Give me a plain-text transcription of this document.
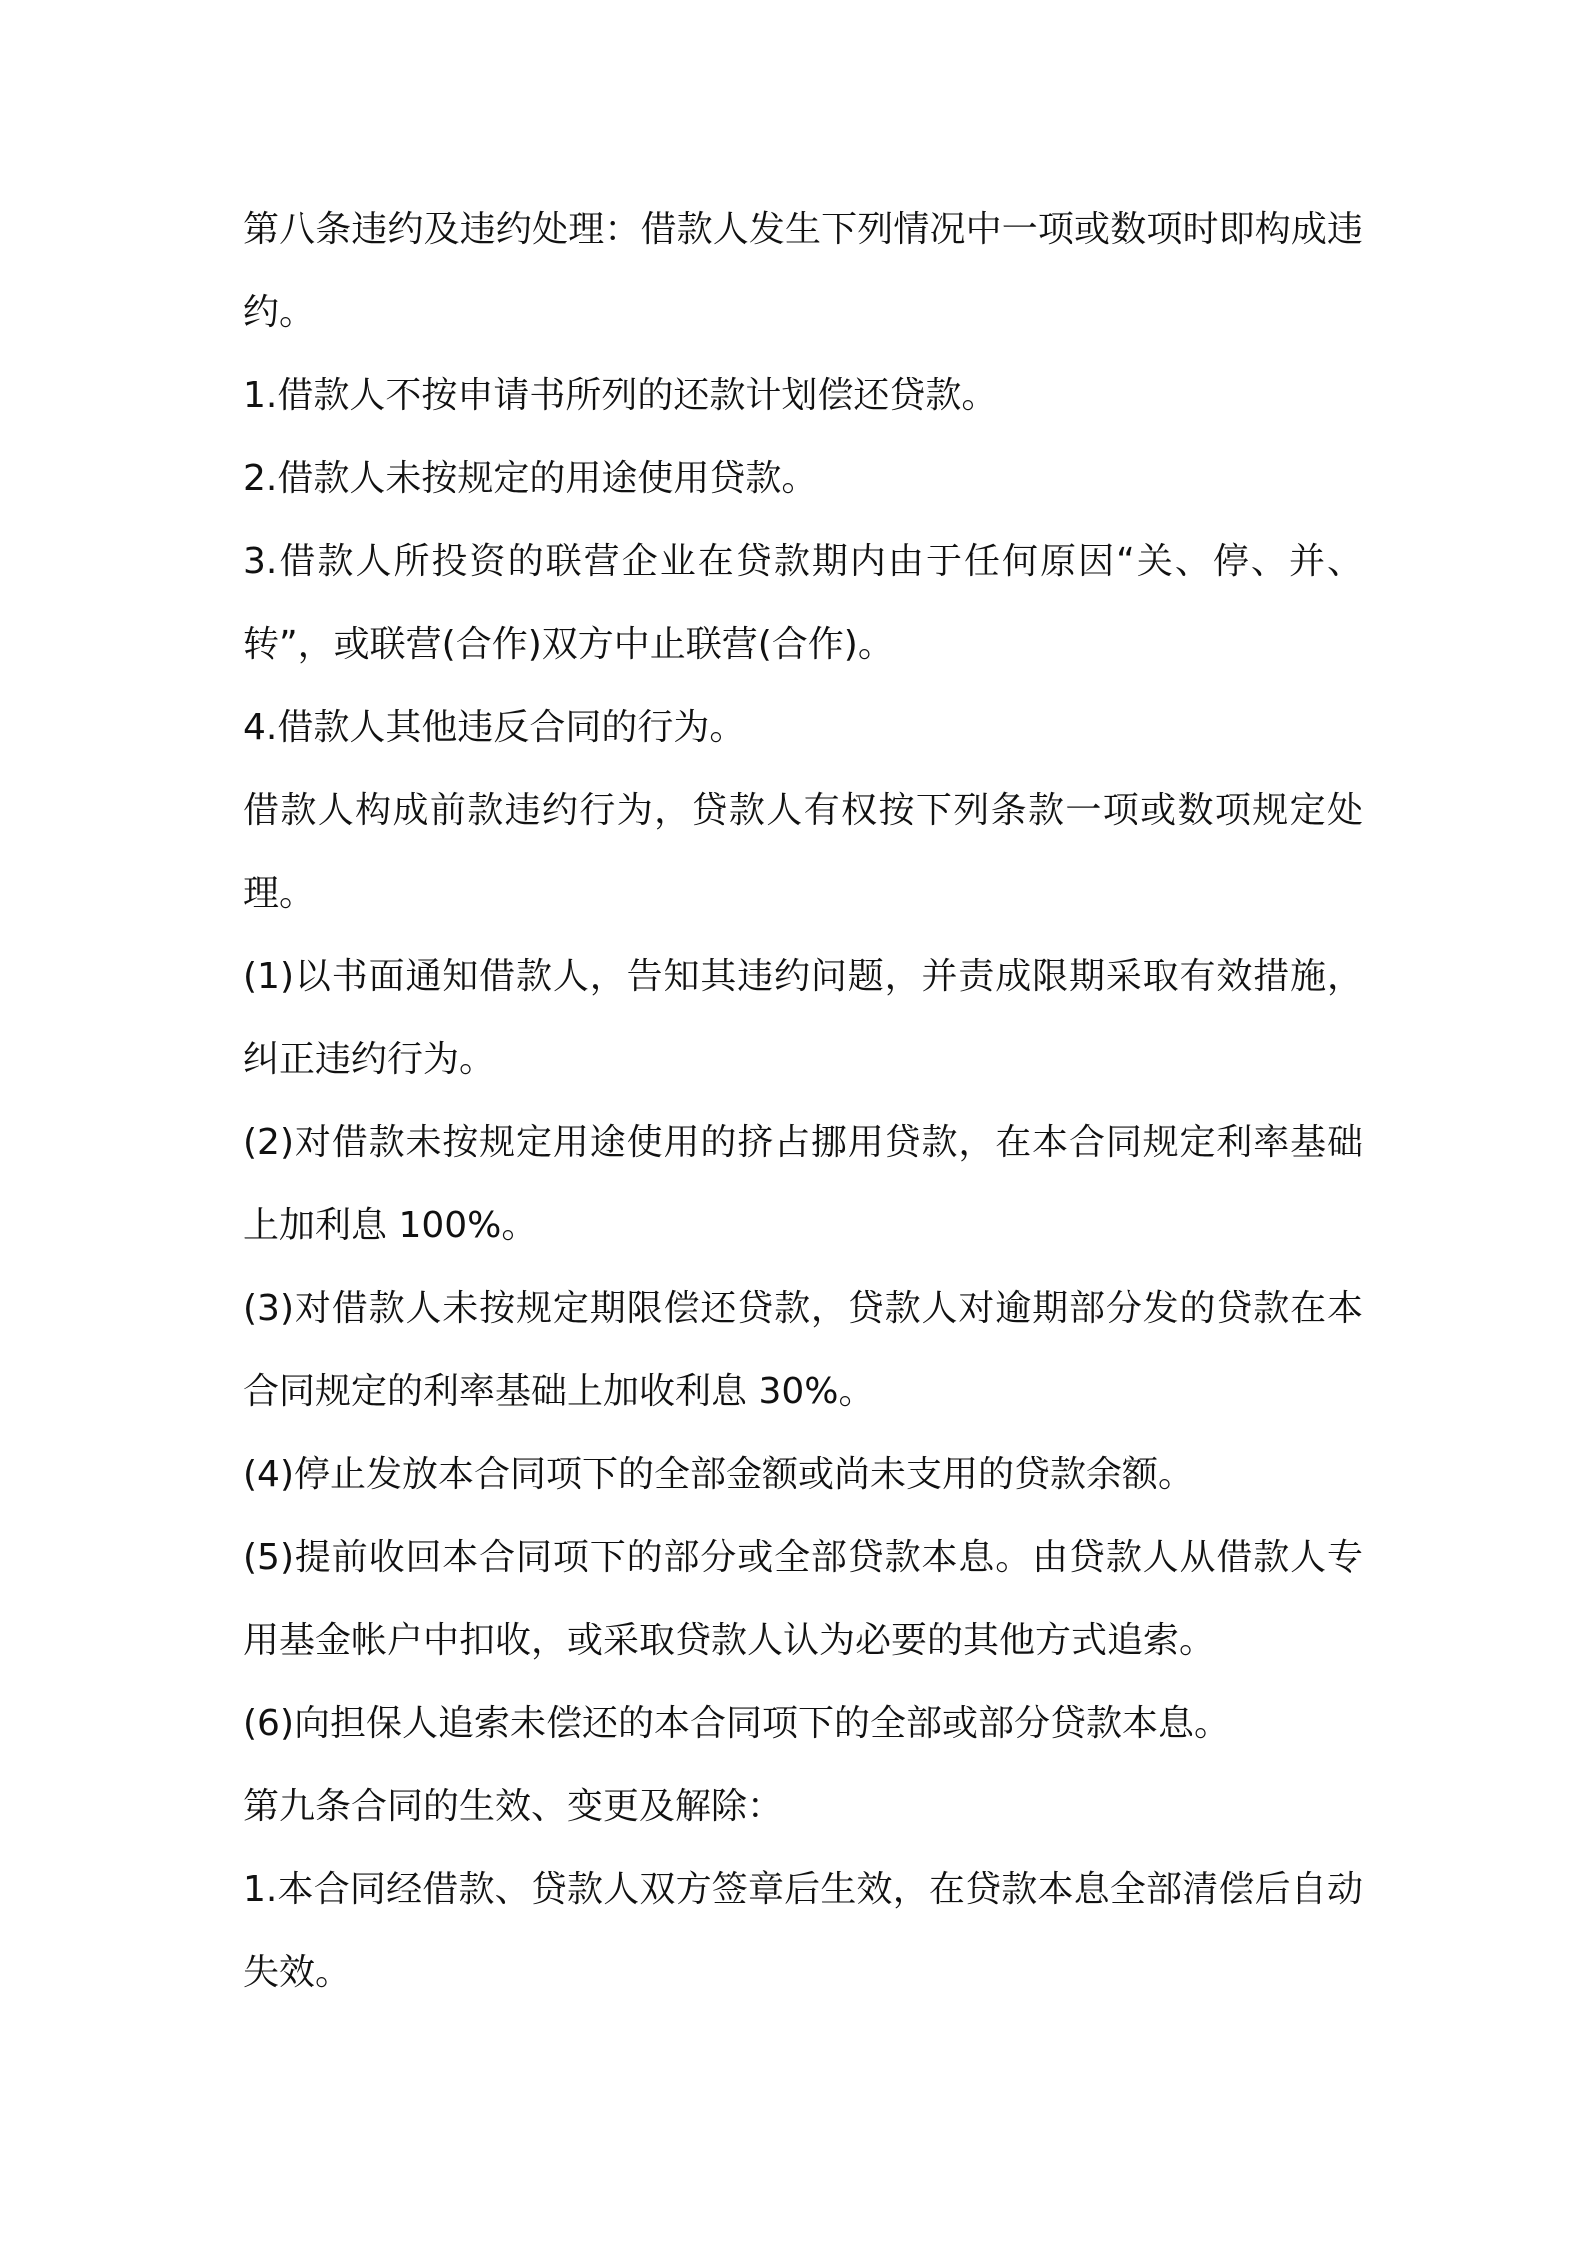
第八条违约及违约处理：借款人发生下列情况中一项或数项时即构成违约。

1.借款人不按申请书所列的还款计划偿还贷款。

2.借款人未按规定的用途使用贷款。

3.借款人所投资的联营企业在贷款期内由于任何原因“关、停、并、转”，或联营(合作)双方中止联营(合作)。

4.借款人其他违反合同的行为。

借款人构成前款违约行为，贷款人有权按下列条款一项或数项规定处理。

(1)以书面通知借款人，告知其违约问题，并责成限期采取有效措施，纠正违约行为。

(2)对借款未按规定用途使用的挤占挪用贷款，在本合同规定利率基础上加利息 100%。

(3)对借款人未按规定期限偿还贷款，贷款人对逾期部分发的贷款在本合同规定的利率基础上加收利息 30%。

(4)停止发放本合同项下的全部金额或尚未支用的贷款余额。

(5)提前收回本合同项下的部分或全部贷款本息。由贷款人从借款人专用基金帐户中扣收，或采取贷款人认为必要的其他方式追索。

(6)向担保人追索未偿还的本合同项下的全部或部分贷款本息。

第九条合同的生效、变更及解除：

1.本合同经借款、贷款人双方签章后生效，在贷款本息全部清偿后自动失效。
